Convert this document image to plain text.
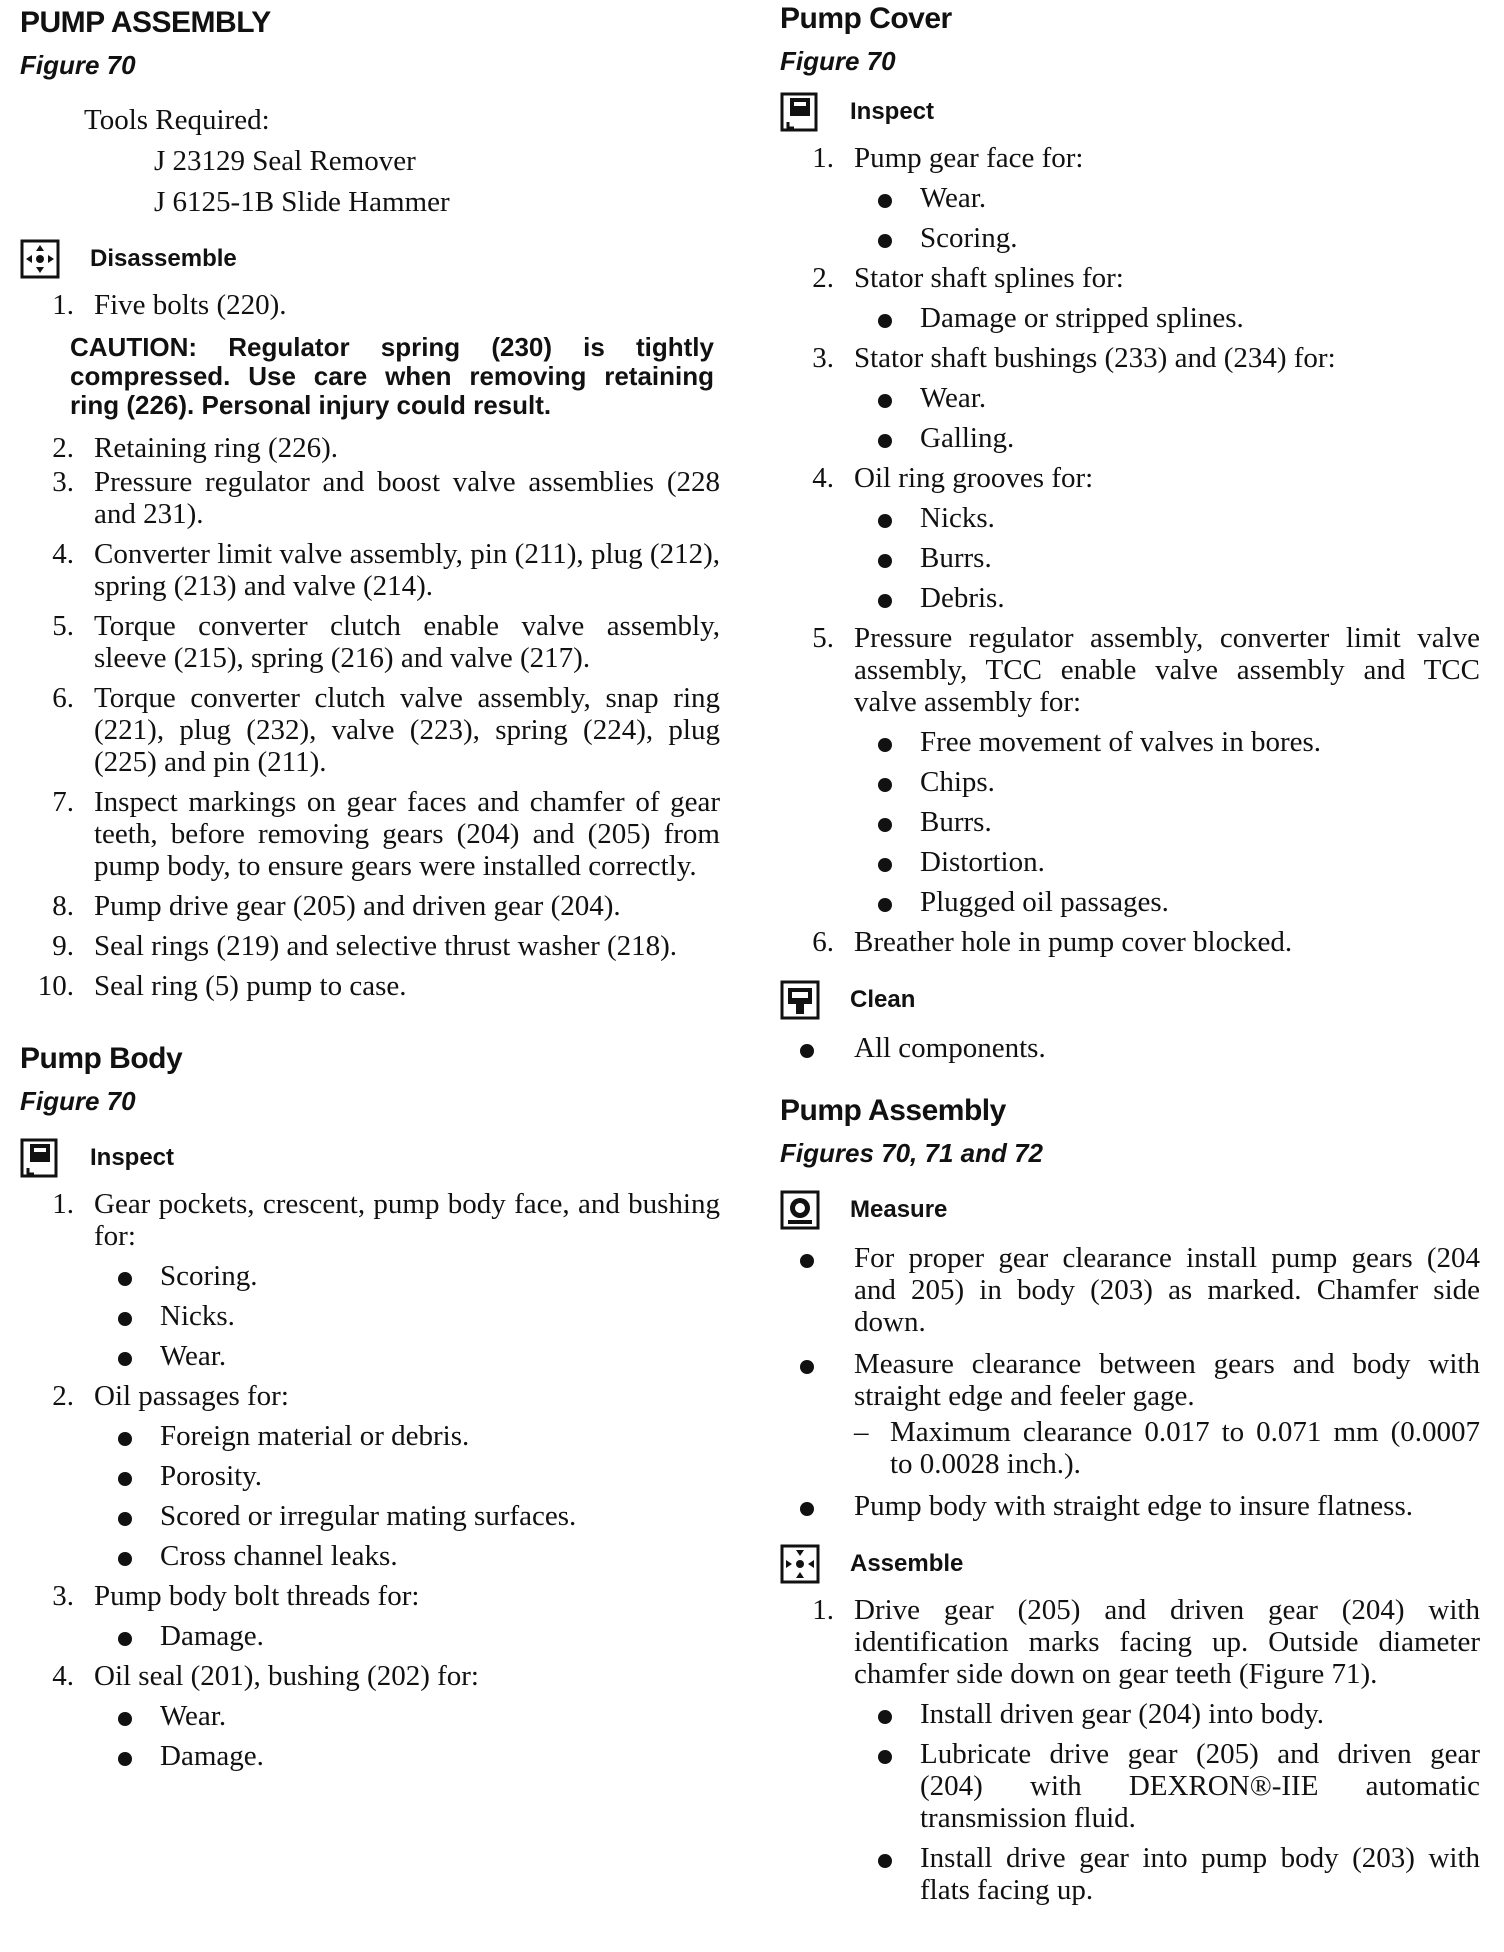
PUMP ASSEMBLY
Figure 70
Tools Required:
J 23129 Seal Remover
J 6125-1B Slide Hammer
Disassemble
1. Five bolts (220).
CAUTION: Regulator spring (230) is tightly compressed. Use care when removing retaining ring (226). Personal injury could result.
2. Retaining ring (226).
3. Pressure regulator and boost valve assemblies (228 and 231).
4. Converter limit valve assembly, pin (211), plug (212), spring (213) and valve (214).
5. Torque converter clutch enable valve assembly, sleeve (215), spring (216) and valve (217).
6. Torque converter clutch valve assembly, snap ring (221), plug (232), valve (223), spring (224), plug (225) and pin (211).
7. Inspect markings on gear faces and chamfer of gear teeth, before removing gears (204) and (205) from pump body, to ensure gears were installed correctly.
8. Pump drive gear (205) and driven gear (204).
9. Seal rings (219) and selective thrust washer (218).
10. Seal ring (5) pump to case.
Pump Body
Figure 70
Inspect
1. Gear pockets, crescent, pump body face, and bushing for:
Scoring.
Nicks.
Wear.
2. Oil passages for:
Foreign material or debris.
Porosity.
Scored or irregular mating surfaces.
Cross channel leaks.
3. Pump body bolt threads for:
Damage.
4. Oil seal (201), bushing (202) for:
Wear.
Damage.
Pump Cover
Figure 70
Inspect
1. Pump gear face for:
Wear.
Scoring.
2. Stator shaft splines for:
Damage or stripped splines.
3. Stator shaft bushings (233) and (234) for:
Wear.
Galling.
4. Oil ring grooves for:
Nicks.
Burrs.
Debris.
5. Pressure regulator assembly, converter limit valve assembly, TCC enable valve assembly and TCC valve assembly for:
Free movement of valves in bores.
Chips.
Burrs.
Distortion.
Plugged oil passages.
6. Breather hole in pump cover blocked.
Clean
All components.
Pump Assembly
Figures 70, 71 and 72
Measure
For proper gear clearance install pump gears (204 and 205) in body (203) as marked. Chamfer side down.
Measure clearance between gears and body with straight edge and feeler gage.
– Maximum clearance 0.017 to 0.071 mm (0.0007 to 0.0028 inch.).
Pump body with straight edge to insure flatness.
Assemble
1. Drive gear (205) and driven gear (204) with identification marks facing up. Outside diameter chamfer side down on gear teeth (Figure 71).
Install driven gear (204) into body.
Lubricate drive gear (205) and driven gear (204) with DEXRON®-IIE automatic transmission fluid.
Install drive gear into pump body (203) with flats facing up.
